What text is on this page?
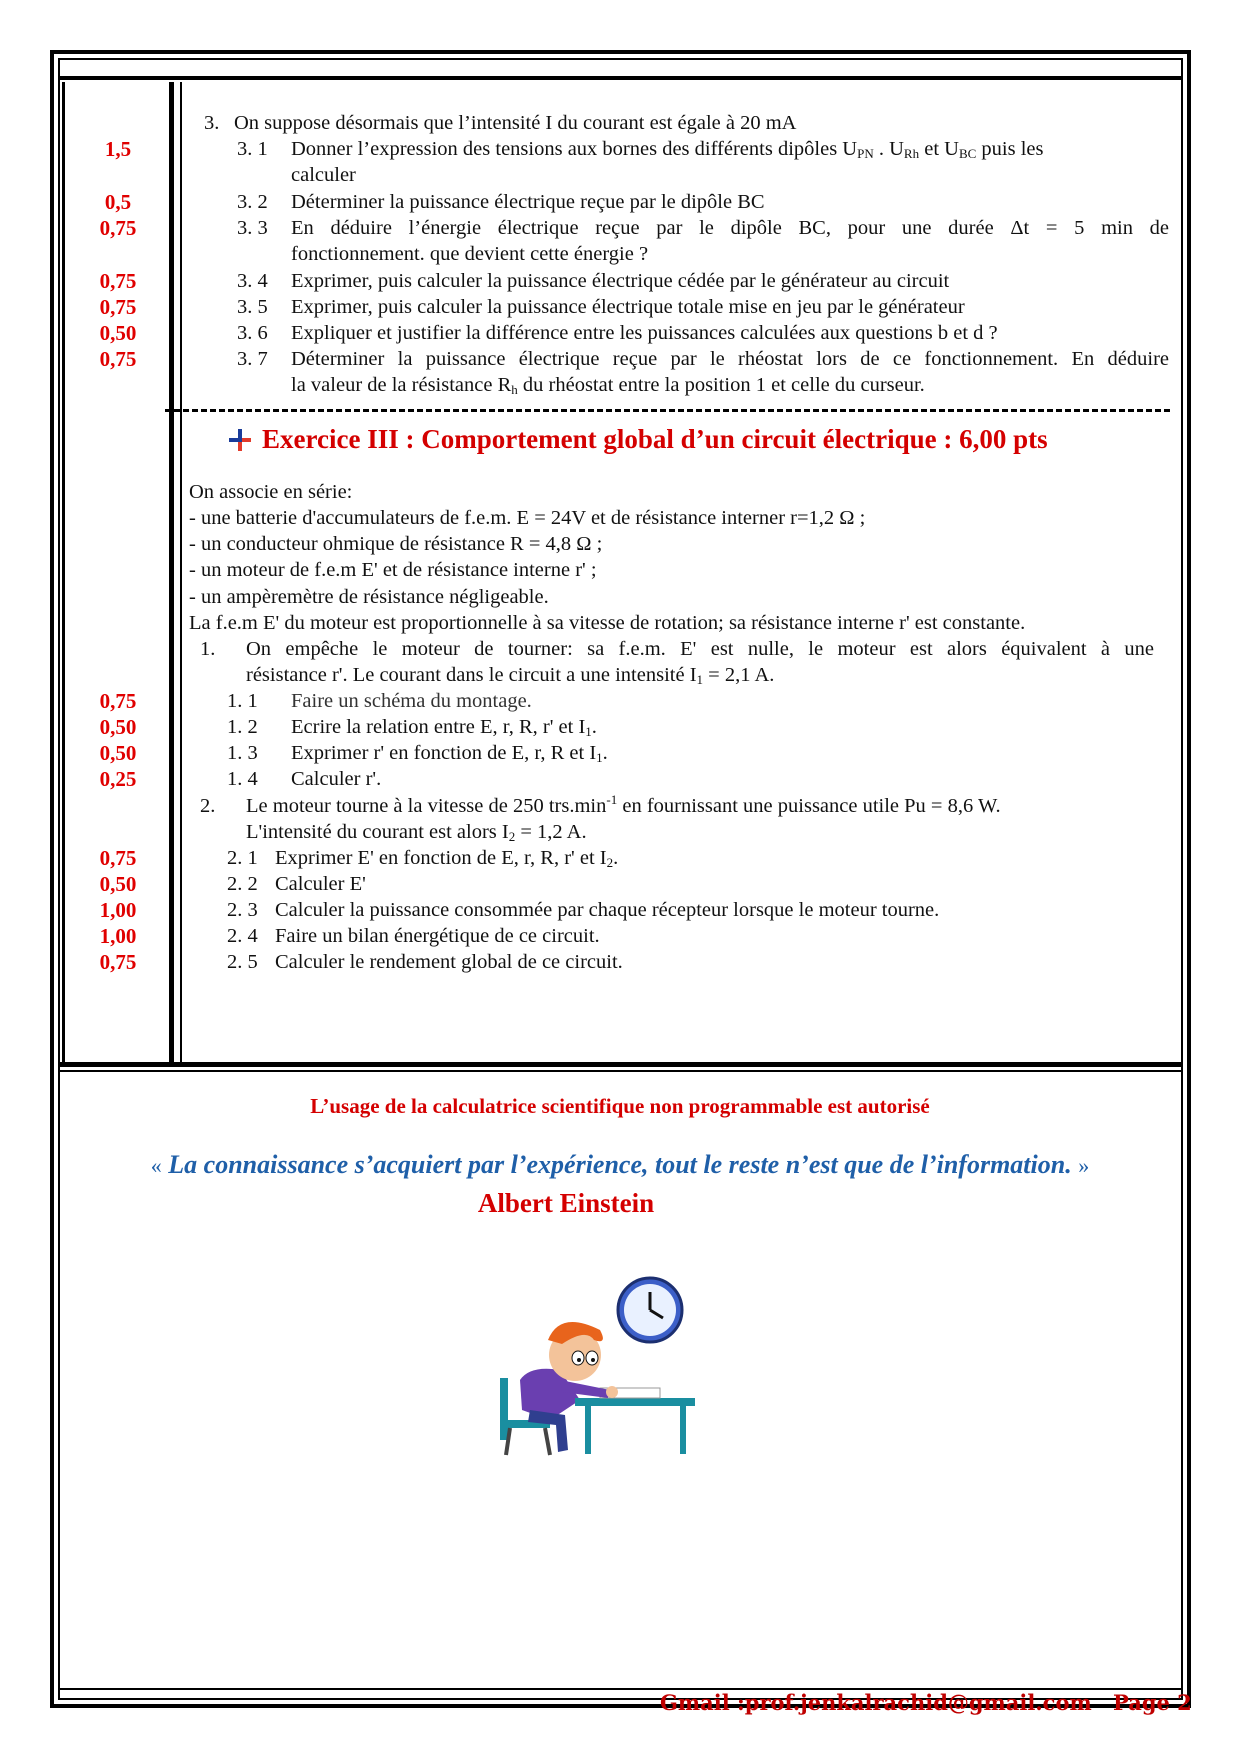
1,5
0,5
0,75
0,75
0,75
0,50
0,75
3. On suppose désormais que l’intensité I du courant est égale à 20 mA
3. 1 Donner l’expression des tensions aux bornes des différents dipôles $U_{PN}$ . $U_{Rh}$ et $U_{BC}$ puis les
calculer
3. 2 Déterminer la puissance électrique reçue par le dipôle BC
3. 3 En déduire l’énergie électrique reçue par le dipôle BC, pour une durée Δt = 5 min de
fonctionnement. que devient cette énergie ?
3. 4 Exprimer, puis calculer la puissance électrique cédée par le générateur au circuit
3. 5 Exprimer, puis calculer la puissance électrique totale mise en jeu par le générateur
3. 6 Expliquer et justifier la différence entre les puissances calculées aux questions b et d ?
3. 7 Déterminer la puissance électrique reçue par le rhéostat lors de ce fonctionnement. En déduire
la valeur de la résistance $R_h$ du rhéostat entre la position 1 et celle du curseur.
Exercice III : Comportement global d’un circuit électrique : 6,00 pts
On associe en série:
- une batterie d'accumulateurs de f.e.m. E = 24V et de résistance interner r=1,2 Ω ;
- un conducteur ohmique de résistance R = 4,8 Ω ;
- un moteur de f.e.m E' et de résistance interne r' ;
- un ampèremètre de résistance négligeable.
La f.e.m E' du moteur est proportionnelle à sa vitesse de rotation; sa résistance interne r' est constante.
1. On empêche le moteur de tourner: sa f.e.m. E' est nulle, le moteur est alors équivalent à une
résistance r'. Le courant dans le circuit a une intensité $I_1 = 2,1$ A.
0,75
0,50
0,50
0,25
1. 1 Faire un schéma du montage.
1. 2 Ecrire la relation entre E, r, R, r' et $I_1$.
1. 3 Exprimer r' en fonction de E, r, R et $I_1$.
1. 4 Calculer r'.
2. Le moteur tourne à la vitesse de 250 $trs.\min^{-1}$ en fournissant une puissance utile Pu = 8,6 W.
L'intensité du courant est alors $I_2 = 1,2$ A.
0,75
0,50
1,00
1,00
0,75
2. 1 Exprimer E' en fonction de E, r, R, r' et $I_2$.
2. 2 Calculer E'
2. 3 Calculer la puissance consommée par chaque récepteur lorsque le moteur tourne.
2. 4 Faire un bilan énergétique de ce circuit.
2. 5 Calculer le rendement global de ce circuit.
L’usage de la calculatrice scientifique non programmable est autorisé
« La connaissance s’acquiert par l’expérience, tout le reste n’est que de l’information. »
Albert Einstein
Gmail :prof.jenkalrachid@gmail.com Page 2
